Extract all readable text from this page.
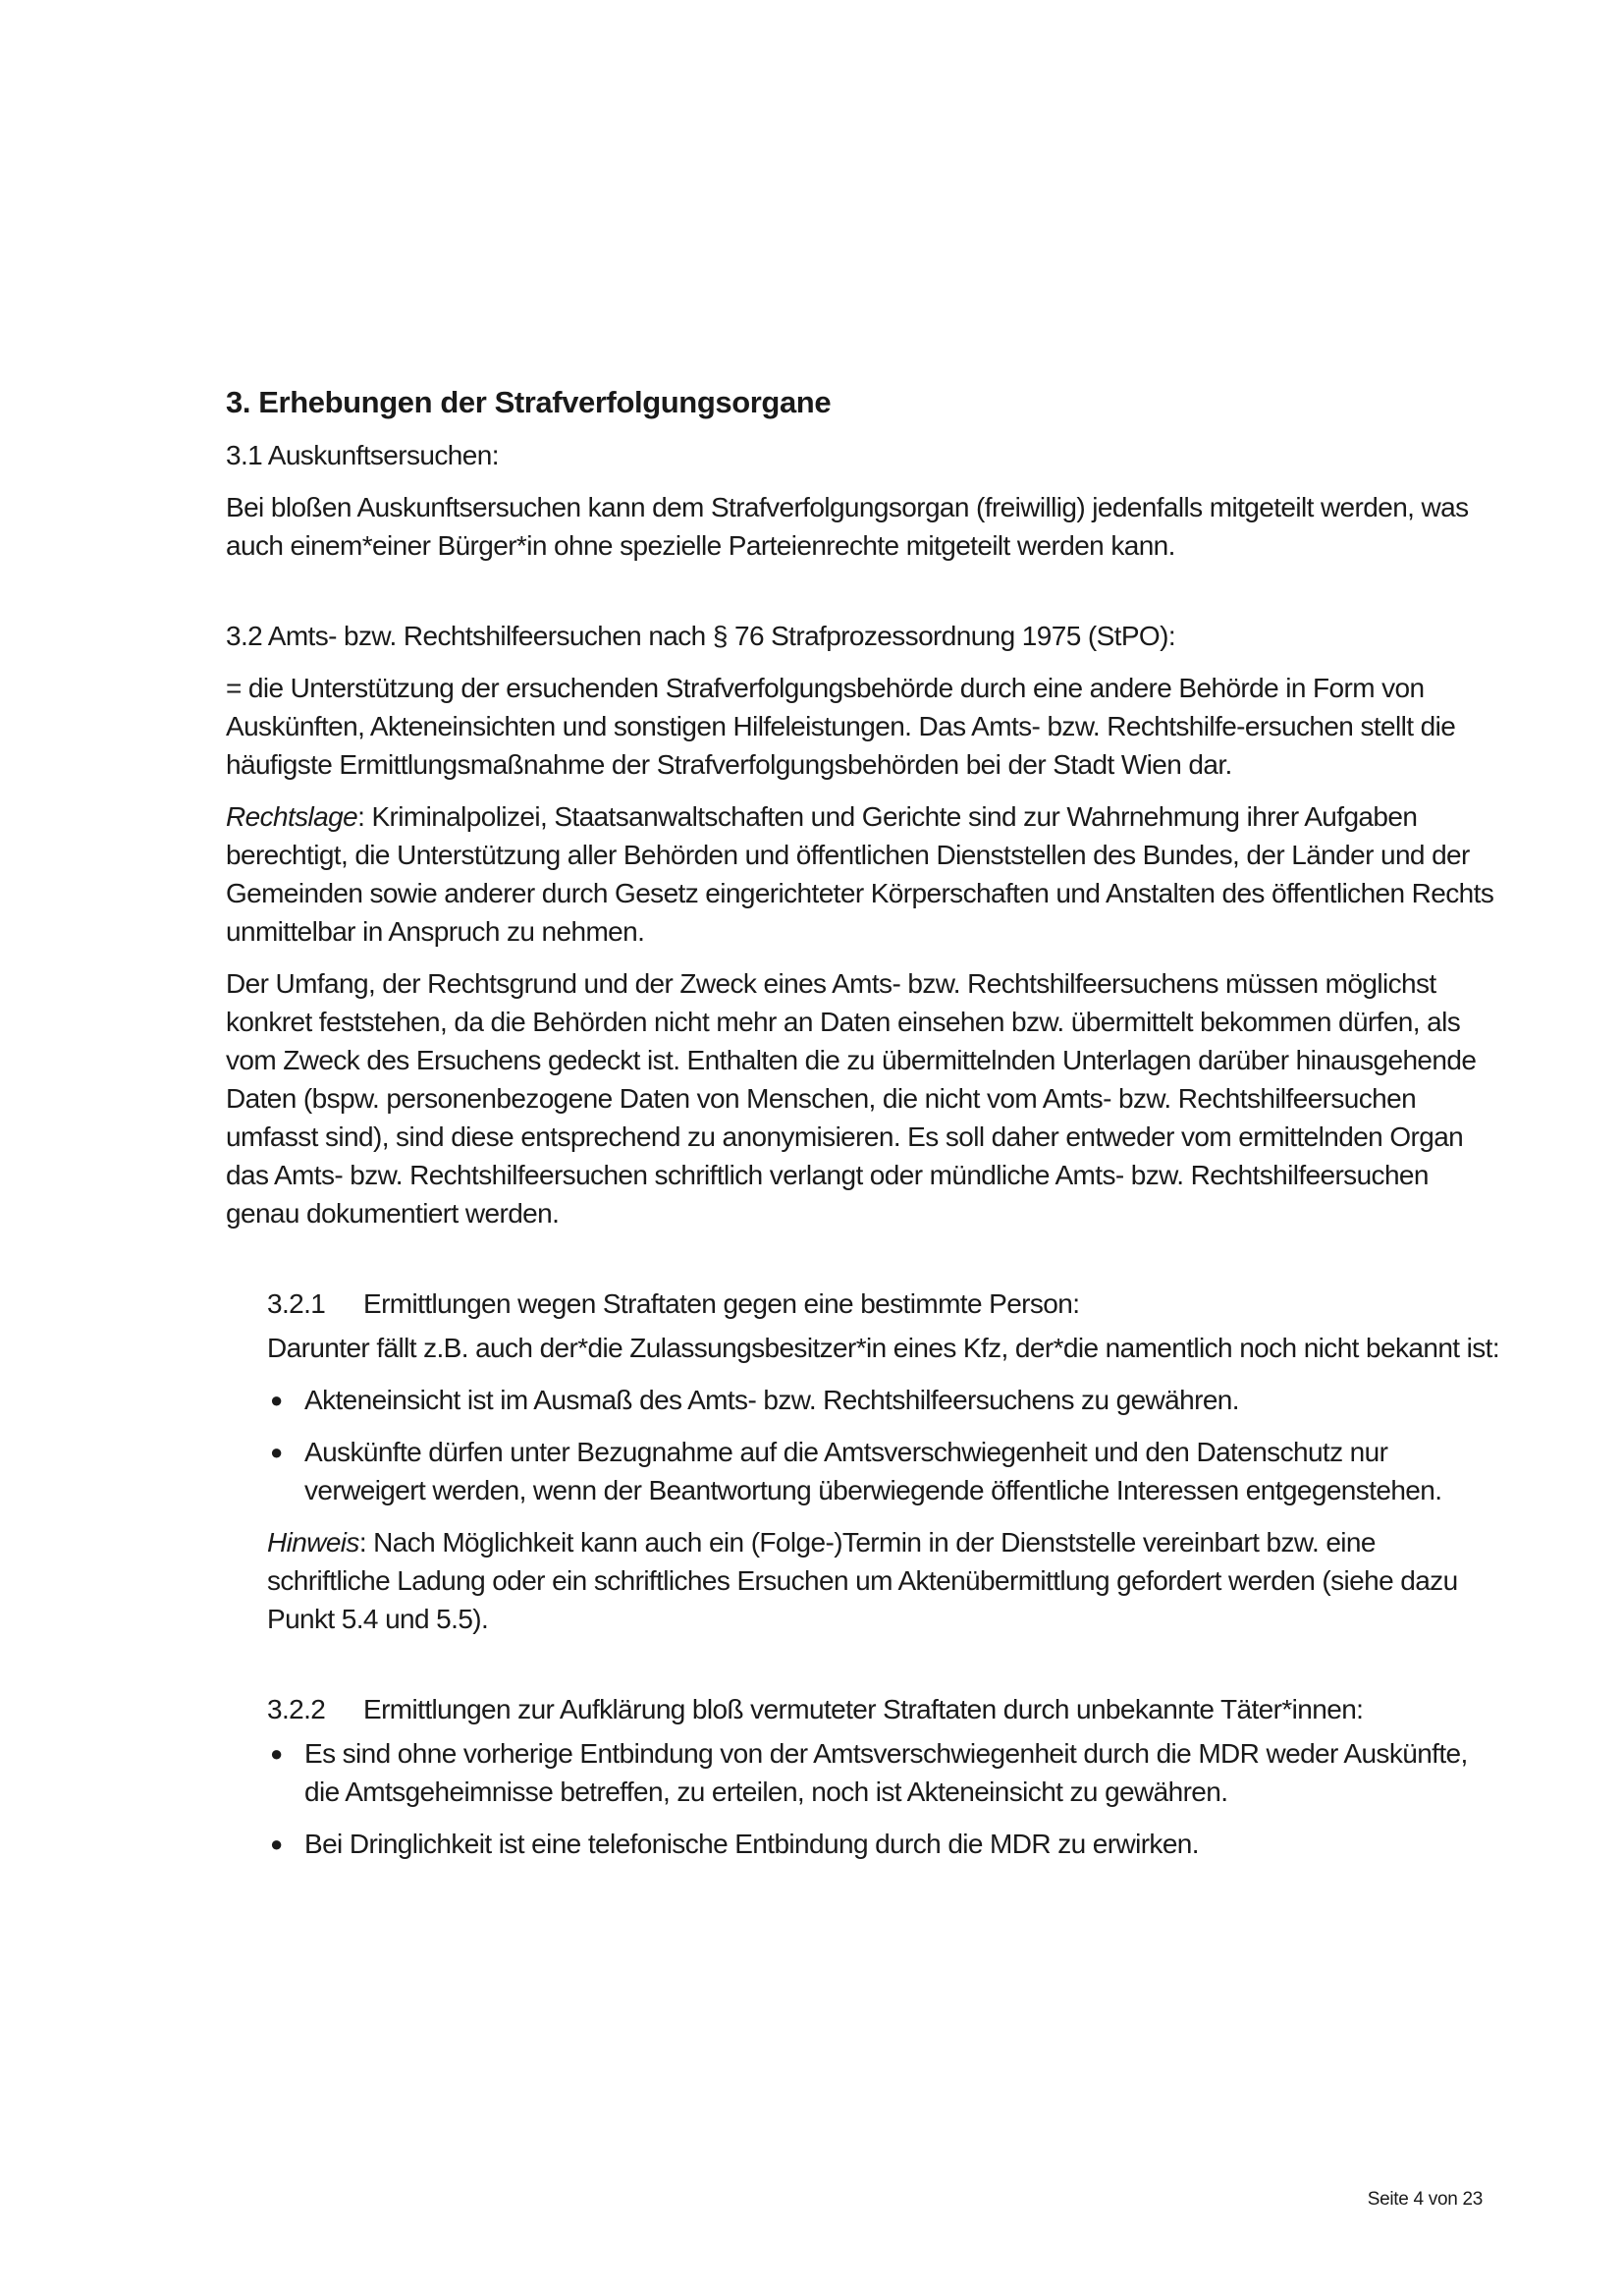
3. Erhebungen der Strafverfolgungsorgane
3.1 Auskunftsersuchen:
Bei bloßen Auskunftsersuchen kann dem Strafverfolgungsorgan (freiwillig) jedenfalls mitgeteilt werden, was auch einem*einer Bürger*in ohne spezielle Parteienrechte mitgeteilt werden kann.
3.2 Amts- bzw. Rechtshilfeersuchen nach § 76 Strafprozessordnung 1975 (StPO):
= die Unterstützung der ersuchenden Strafverfolgungsbehörde durch eine andere Behörde in Form von Auskünften, Akteneinsichten und sonstigen Hilfeleistungen. Das Amts- bzw. Rechtshilfe-ersuchen stellt die häufigste Ermittlungsmaßnahme der Strafverfolgungsbehörden bei der Stadt Wien dar.
Rechtslage: Kriminalpolizei, Staatsanwaltschaften und Gerichte sind zur Wahrnehmung ihrer Aufgaben berechtigt, die Unterstützung aller Behörden und öffentlichen Dienststellen des Bundes, der Länder und der Gemeinden sowie anderer durch Gesetz eingerichteter Körperschaften und Anstalten des öffentlichen Rechts unmittelbar in Anspruch zu nehmen.
Der Umfang, der Rechtsgrund und der Zweck eines Amts- bzw. Rechtshilfeersuchens müssen möglichst konkret feststehen, da die Behörden nicht mehr an Daten einsehen bzw. übermittelt bekommen dürfen, als vom Zweck des Ersuchens gedeckt ist. Enthalten die zu übermittelnden Unterlagen darüber hinausgehende Daten (bspw. personenbezogene Daten von Menschen, die nicht vom Amts- bzw. Rechtshilfeersuchen umfasst sind), sind diese entsprechend zu anonymisieren. Es soll daher entweder vom ermittelnden Organ das Amts- bzw. Rechtshilfeersuchen schriftlich verlangt oder mündliche Amts- bzw. Rechtshilfeersuchen genau dokumentiert werden.
3.2.1 Ermittlungen wegen Straftaten gegen eine bestimmte Person:
Darunter fällt z.B. auch der*die Zulassungsbesitzer*in eines Kfz, der*die namentlich noch nicht bekannt ist:
● Akteneinsicht ist im Ausmaß des Amts- bzw. Rechtshilfeersuchens zu gewähren.
● Auskünfte dürfen unter Bezugnahme auf die Amtsverschwiegenheit und den Datenschutz nur verweigert werden, wenn der Beantwortung überwiegende öffentliche Interessen entgegenstehen.
Hinweis: Nach Möglichkeit kann auch ein (Folge-)Termin in der Dienststelle vereinbart bzw. eine schriftliche Ladung oder ein schriftliches Ersuchen um Aktenübermittlung gefordert werden (siehe dazu Punkt 5.4 und 5.5).
3.2.2 Ermittlungen zur Aufklärung bloß vermuteter Straftaten durch unbekannte Täter*innen:
● Es sind ohne vorherige Entbindung von der Amtsverschwiegenheit durch die MDR weder Auskünfte, die Amtsgeheimnisse betreffen, zu erteilen, noch ist Akteneinsicht zu gewähren.
● Bei Dringlichkeit ist eine telefonische Entbindung durch die MDR zu erwirken.
Seite 4 von 23
